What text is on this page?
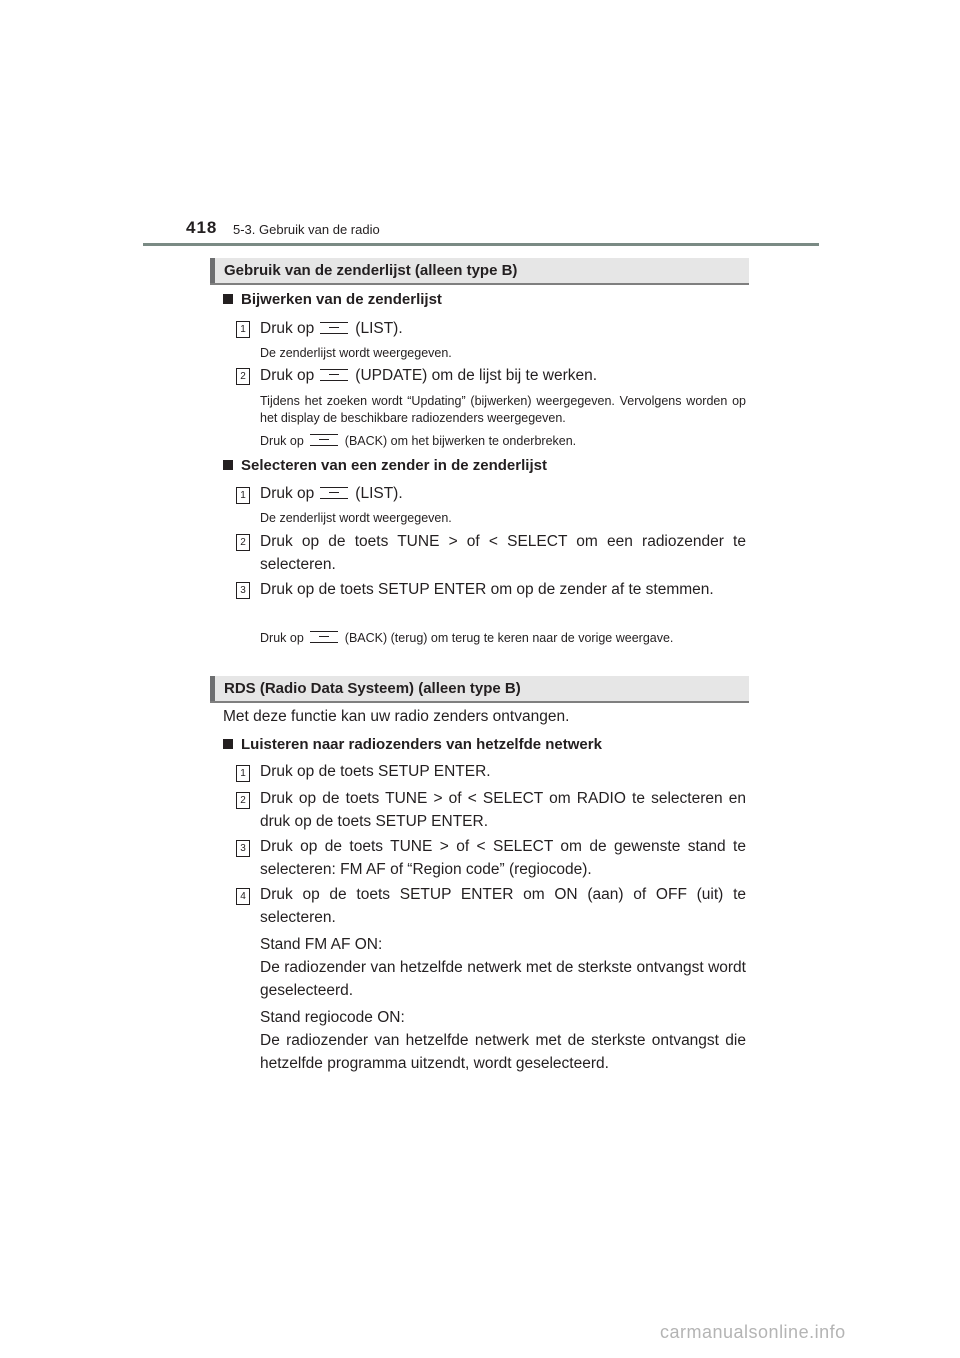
418 5-3. Gebruik van de radio
Gebruik van de zenderlijst (alleen type B)
Bijwerken van de zenderlijst
1 Druk op	(LIST).
De zenderlijst wordt weergegeven.
2 Druk op	(UPDATE) om de lijst bij te werken.
Tijdens het zoeken wordt “Updating” (bijwerken) weergegeven. Vervolgens worden op het display de beschikbare radiozenders weergegeven.
Druk op	(BACK) om het bijwerken te onderbreken.
Selecteren van een zender in de zenderlijst
1 Druk op	(LIST).
De zenderlijst wordt weergegeven.
2 Druk op de toets TUNE > of < SELECT om een radiozender te selecteren.
3 Druk op de toets SETUP ENTER om op de zender af te stemmen.
Druk op	(BACK) (terug) om terug te keren naar de vorige weergave.
RDS (Radio Data Systeem) (alleen type B)
Met deze functie kan uw radio zenders ontvangen.
Luisteren naar radiozenders van hetzelfde netwerk
1 Druk op de toets SETUP ENTER.
2 Druk op de toets TUNE > of < SELECT om RADIO te selecteren en druk op de toets SETUP ENTER.
3 Druk op de toets TUNE > of < SELECT om de gewenste stand te selecteren: FM AF of “Region code” (regiocode).
4 Druk op de toets SETUP ENTER om ON (aan) of OFF (uit) te selecteren.
Stand FM AF ON:
De radiozender van hetzelfde netwerk met de sterkste ontvangst wordt geselecteerd.
Stand regiocode ON:
De radiozender van hetzelfde netwerk met de sterkste ontvangst die hetzelfde programma uitzendt, wordt geselecteerd.
carmanualsonline.info
